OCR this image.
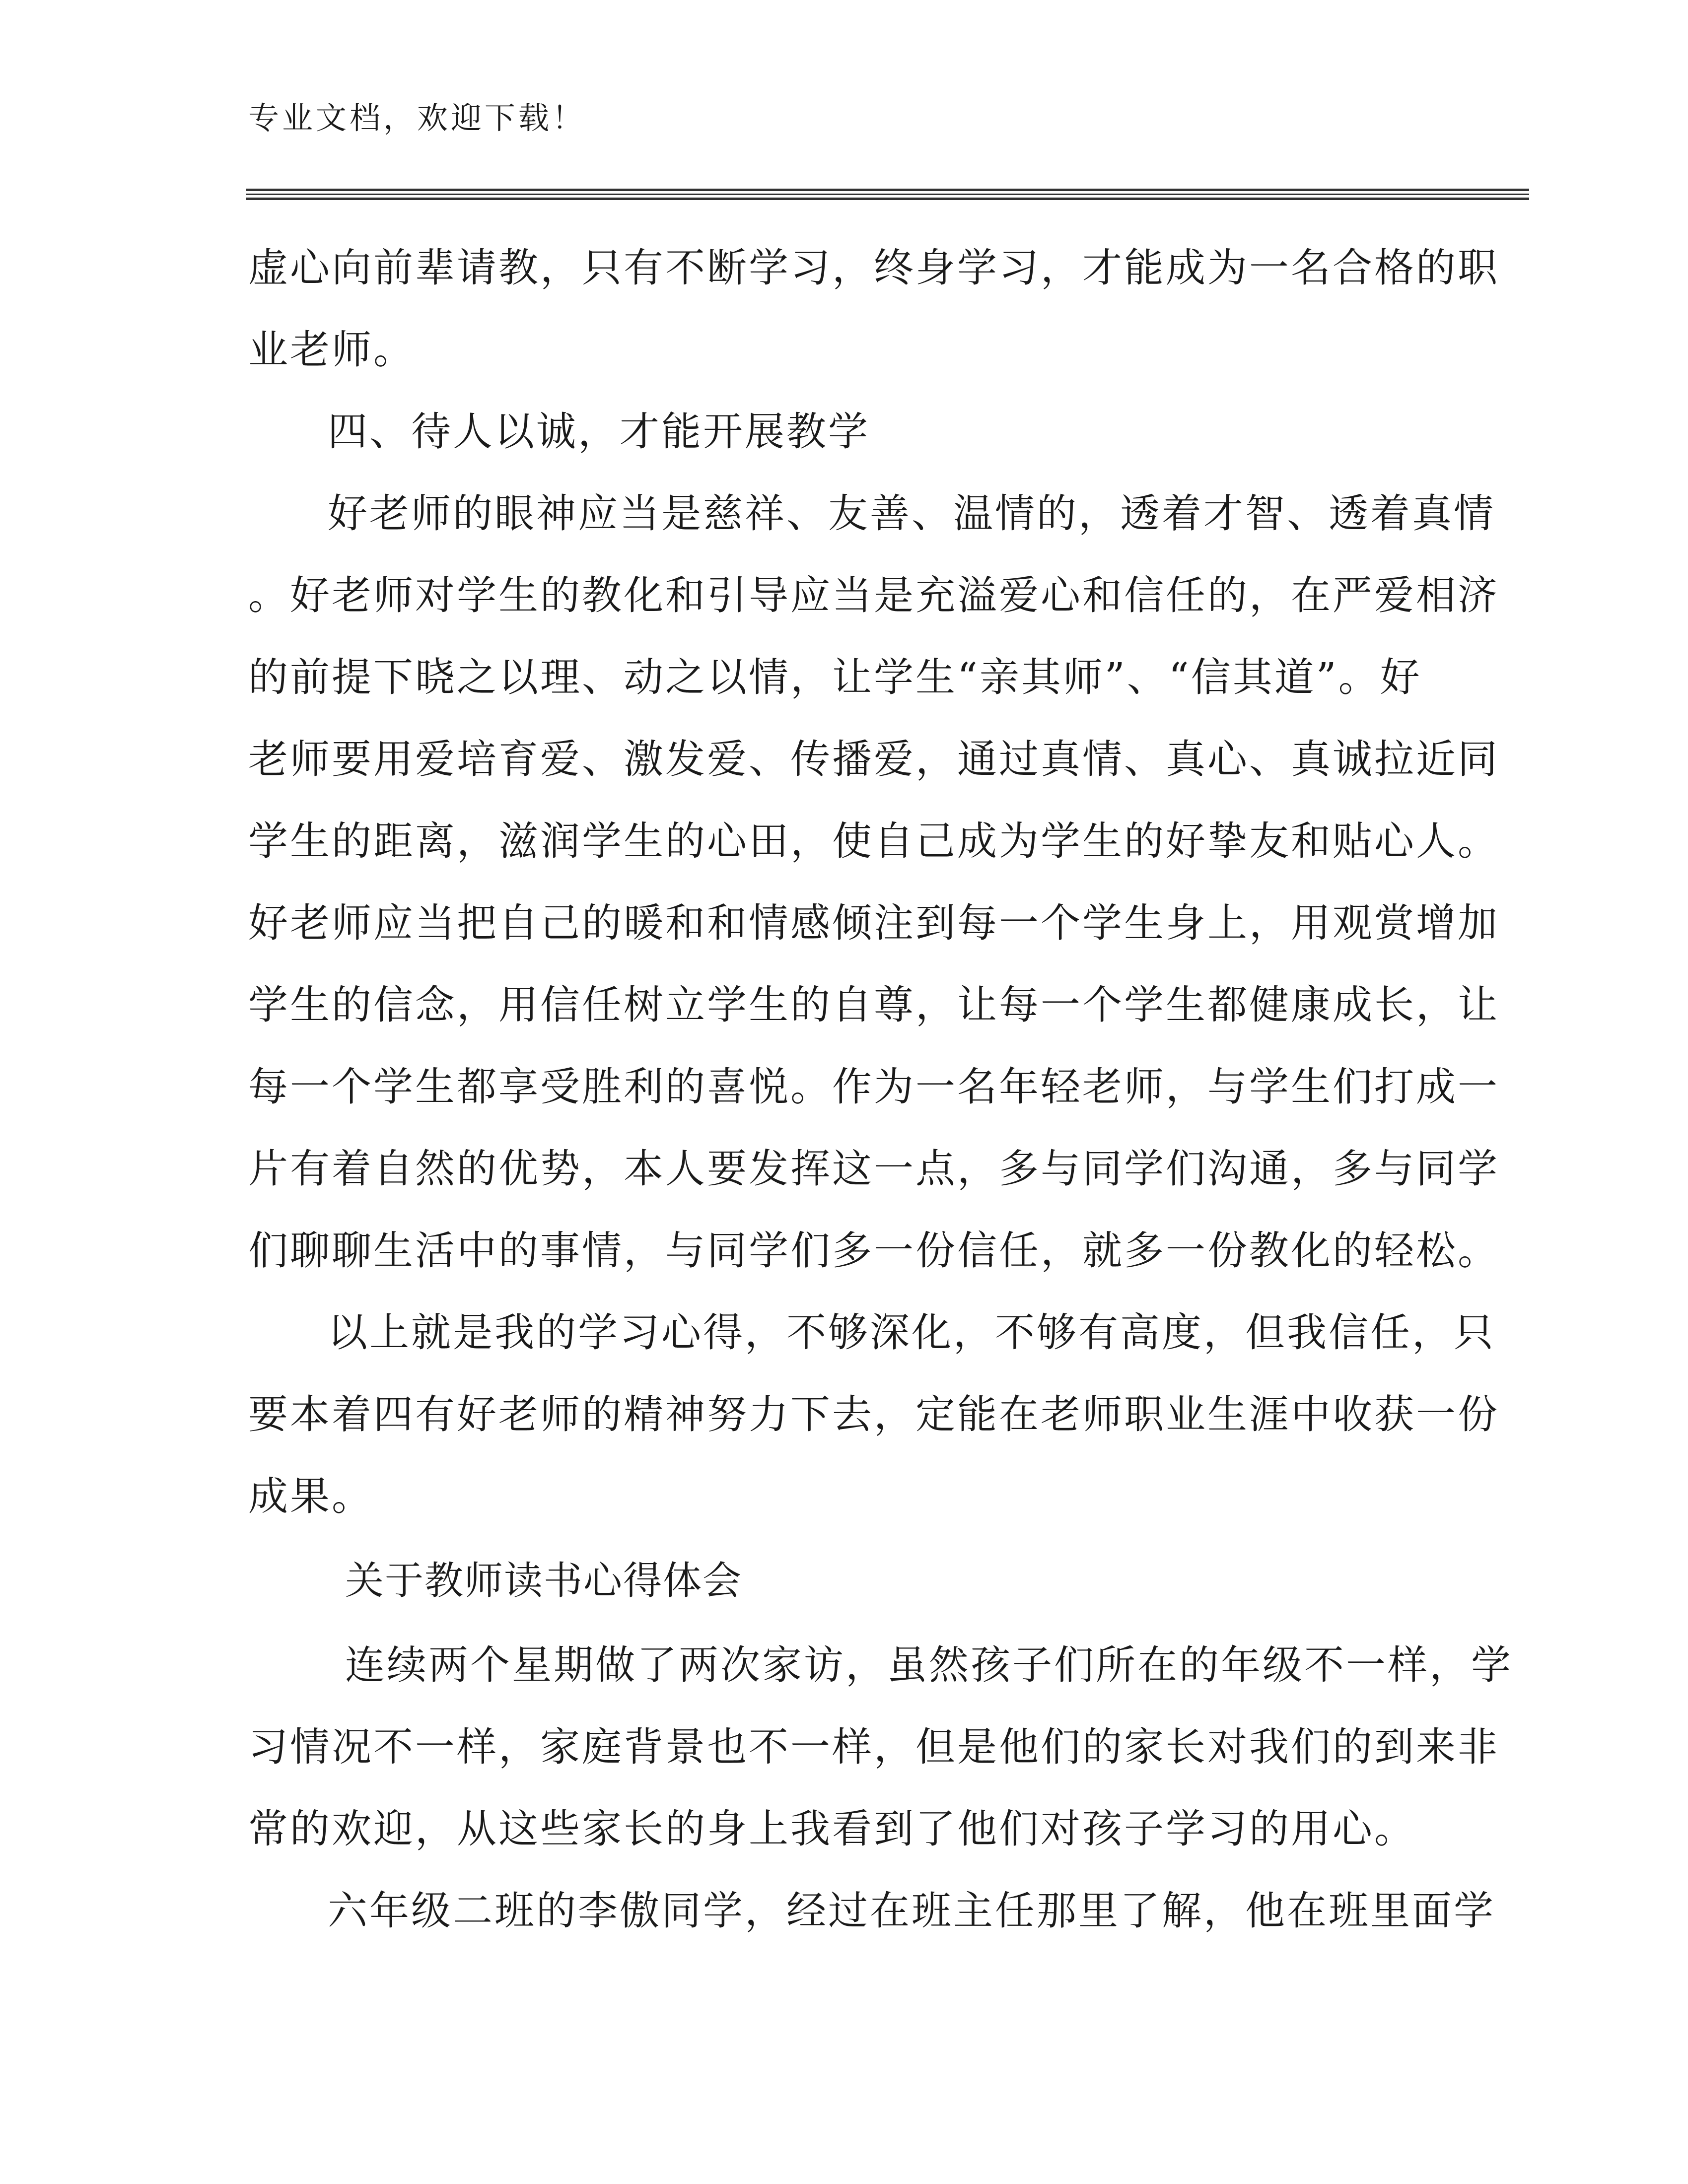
专业文档，欢迎下载！
虚心向前辈请教，只有不断学习，终身学习，才能成为一名合格的职
业老师。
四、待人以诚，才能开展教学
好老师的眼神应当是慈祥、友善、温情的，透着才智、透着真情
。好老师对学生的教化和引导应当是充溢爱心和信任的，在严爱相济
的前提下晓之以理、动之以情，让学生“亲其师”、“信其道”。好
老师要用爱培育爱、激发爱、传播爱，通过真情、真心、真诚拉近同
学生的距离，滋润学生的心田，使自己成为学生的好挚友和贴心人。
好老师应当把自己的暖和和情感倾注到每一个学生身上，用观赏增加
学生的信念，用信任树立学生的自尊，让每一个学生都健康成长，让
每一个学生都享受胜利的喜悦。作为一名年轻老师，与学生们打成一
片有着自然的优势，本人要发挥这一点，多与同学们沟通，多与同学
们聊聊生活中的事情，与同学们多一份信任，就多一份教化的轻松。
以上就是我的学习心得，不够深化，不够有高度，但我信任，只
要本着四有好老师的精神努力下去，定能在老师职业生涯中收获一份
成果。
关于教师读书心得体会
连续两个星期做了两次家访，虽然孩子们所在的年级不一样，学
习情况不一样，家庭背景也不一样，但是他们的家长对我们的到来非
常的欢迎，从这些家长的身上我看到了他们对孩子学习的用心。
六年级二班的李傲同学，经过在班主任那里了解，他在班里面学
